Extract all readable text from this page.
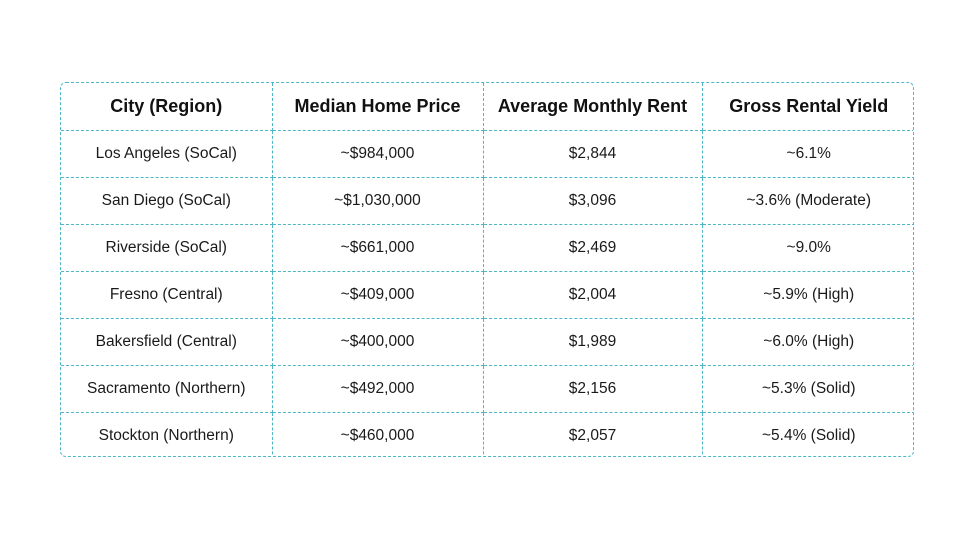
City (Region)	Median Home Price	Average Monthly Rent	Gross Rental Yield
Los Angeles (SoCal)	~$984,000	$2,844	~6.1%
San Diego (SoCal)	~$1,030,000	$3,096	~3.6% (Moderate)
Riverside (SoCal)	~$661,000	$2,469	~9.0%
Fresno (Central)	~$409,000	$2,004	~5.9% (High)
Bakersfield (Central)	~$400,000	$1,989	~6.0% (High)
Sacramento (Northern)	~$492,000	$2,156	~5.3% (Solid)
Stockton (Northern)	~$460,000	$2,057	~5.4% (Solid)
